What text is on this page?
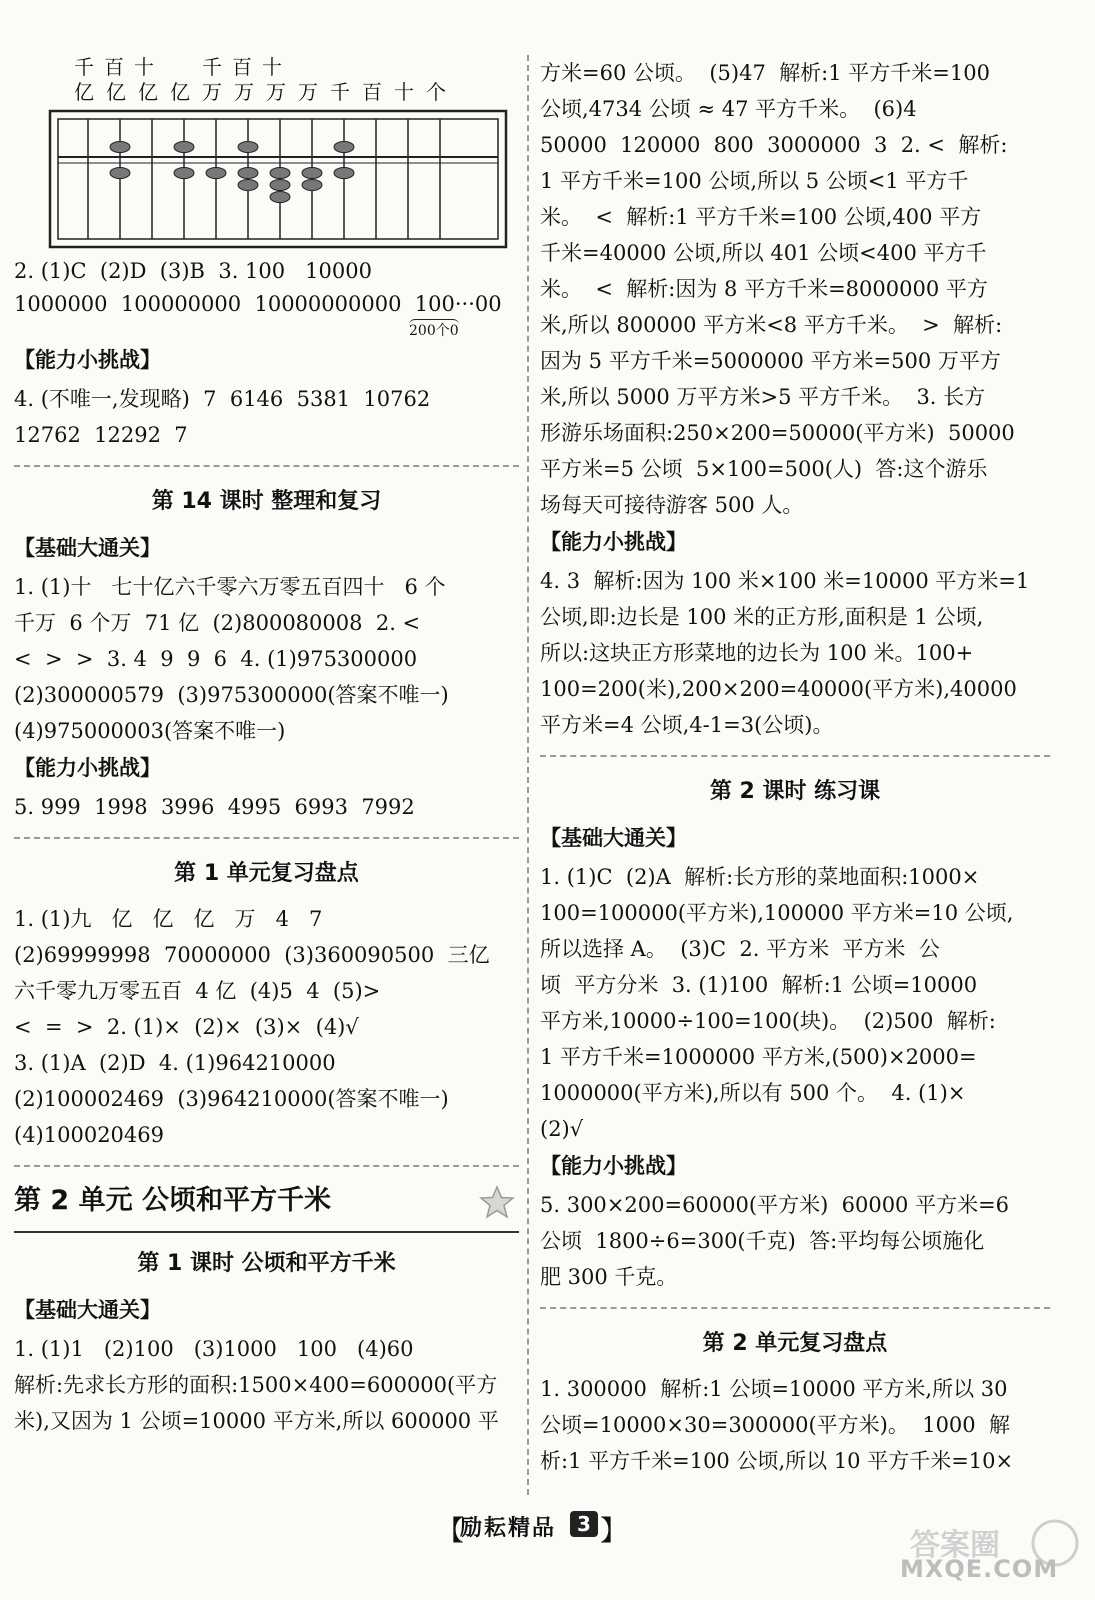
千 百 十 千 百 十
亿 亿 亿 亿 万 万 万 万 千 百 十 个
2. (1)C  (2)D  (3)B  3. 100   10000
1000000  100000000  10000000000  100···00
200个0
【能力小挑战】
4. (不唯一,发现略)  7  6146  5381  10762
12762  12292  7
第 14 课时 整理和复习
【基础大通关】
1. (1)十   七十亿六千零六万零五百四十   6 个
千万  6 个万  71 亿  (2)800080008  2. <
<  >  >  3. 4  9  9  6  4. (1)975300000
(2)300000579  (3)975300000(答案不唯一)
(4)975000003(答案不唯一)
【能力小挑战】
5. 999  1998  3996  4995  6993  7992
第 1 单元复习盘点
1. (1)九   亿   亿   亿   万   4   7
(2)69999998  70000000  (3)360090500  三亿
六千零九万零五百  4 亿  (4)5  4  (5)>
<  =  >  2. (1)×  (2)×  (3)×  (4)√
3. (1)A  (2)D  4. (1)964210000
(2)100002469  (3)964210000(答案不唯一)
(4)100020469
第 2 单元 公顷和平方千米
第 1 课时 公顷和平方千米
【基础大通关】
1. (1)1   (2)100   (3)1000   100   (4)60
解析:先求长方形的面积:1500×400=600000(平方
米),又因为 1 公顷=10000 平方米,所以 600000 平
方米=60 公顷。  (5)47  解析:1 平方千米=100
公顷,4734 公顷 ≈ 47 平方千米。  (6)4
50000  120000  800  3000000  3  2. <  解析:
1 平方千米=100 公顷,所以 5 公顷<1 平方千
米。  <  解析:1 平方千米=100 公顷,400 平方
千米=40000 公顷,所以 401 公顷<400 平方千
米。  <  解析:因为 8 平方千米=8000000 平方
米,所以 800000 平方米<8 平方千米。  >  解析:
因为 5 平方千米=5000000 平方米=500 万平方
米,所以 5000 万平方米>5 平方千米。  3. 长方
形游乐场面积:250×200=50000(平方米)  50000
平方米=5 公顷  5×100=500(人)  答:这个游乐
场每天可接待游客 500 人。
【能力小挑战】
4. 3  解析:因为 100 米×100 米=10000 平方米=1
公顷,即:边长是 100 米的正方形,面积是 1 公顷,
所以:这块正方形菜地的边长为 100 米。100+
100=200(米),200×200=40000(平方米),40000
平方米=4 公顷,4-1=3(公顷)。
第 2 课时 练习课
【基础大通关】
1. (1)C  (2)A  解析:长方形的菜地面积:1000×
100=100000(平方米),100000 平方米=10 公顷,
所以选择 A。  (3)C  2. 平方米  平方米  公
顷  平方分米  3. (1)100  解析:1 公顷=10000
平方米,10000÷100=100(块)。  (2)500  解析:
1 平方千米=1000000 平方米,(500)×2000=
1000000(平方米),所以有 500 个。  4. (1)×
(2)√
【能力小挑战】
5. 300×200=60000(平方米)  60000 平方米=6
公顷  1800÷6=300(千克)  答:平均每公顷施化
肥 300 千克。
第 2 单元复习盘点
1. 300000  解析:1 公顷=10000 平方米,所以 30
公顷=10000×30=300000(平方米)。  1000  解
析:1 平方千米=100 公顷,所以 10 平方千米=10×
【
励耘精品	3 】	答案圈
MXQE.COM
